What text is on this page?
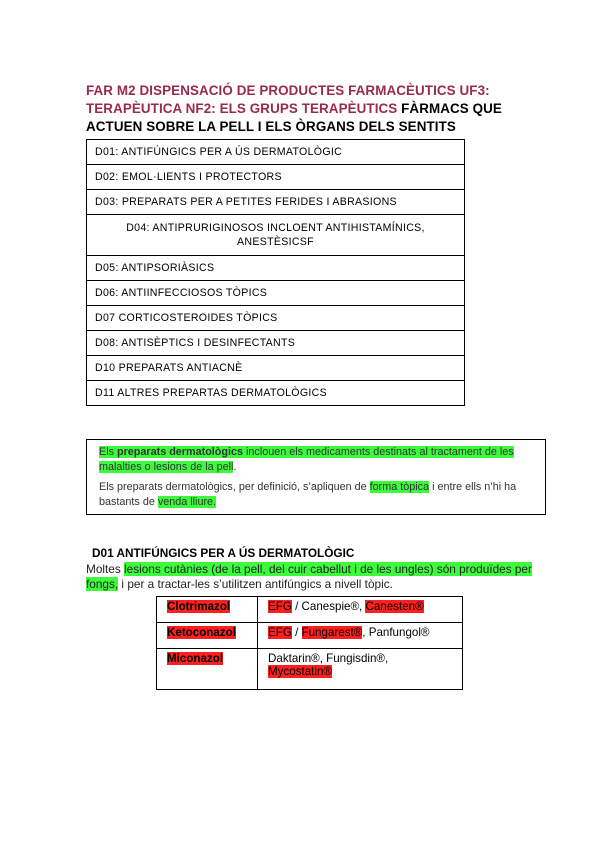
FAR M2 DISPENSACIÓ DE PRODUCTES FARMACÈUTICS UF3: TERAPÈUTICA NF2: ELS GRUPS TERAPÈUTICS FÀRMACS QUE ACTUEN SOBRE LA PELL I ELS ÒRGANS DELS SENTITS
D01: ANTIFÚNGICS PER A ÚS DERMATOLÒGIC
D02: EMOL·LIENTS I PROTECTORS
D03: PREPARATS PER A PETITES FERIDES I ABRASIONS
D04: ANTIPRURIGINOSOS INCLOENT ANTIHISTAMÍNICS, ANESTÈSICSF
D05: ANTIPSORIÀSICS
D06: ANTIINFECCIOSOS TÒPICS
D07 CORTICOSTEROIDES TÒPICS
D08: ANTISÈPTICS I DESINFECTANTS
D10 PREPARATS ANTIACNÈ
D11 ALTRES PREPARTAS DERMATOLÒGICS

Els preparats dermatològics inclouen els medicaments destinats al tractament de les malalties o lesions de la pell.

Els preparats dermatològics, per definició, s’apliquen de forma tòpica i entre ells n’hi ha bastants de venda lliure.

D01 ANTIFÚNGICS PER A ÚS DERMATOLÒGIC

Moltes lesions cutànies (de la pell, del cuir cabellut i de les ungles) són produïdes per fongs, i per a tractar-les s’utilitzen antifúngics a nivell tòpic.

Clotrimazol	EFG / Canespie®, Canesten®
Ketoconazol	EFG / Fungarest®, Panfungol®
Miconazol	Daktarin®, Fungisdin®,
Mycostatin®
